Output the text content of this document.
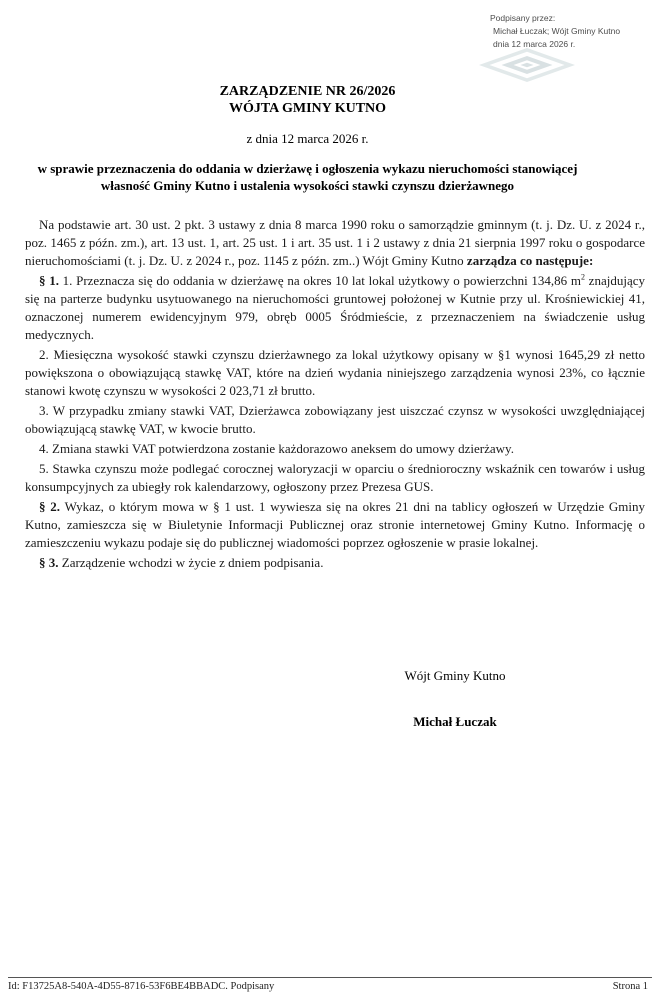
Podpisany przez:
Michał Łuczak; Wójt Gminy Kutno
dnia 12 marca 2026 r.
ZARZĄDZENIE NR 26/2026
WÓJTA GMINY KUTNO
z dnia 12 marca 2026 r.
w sprawie przeznaczenia do oddania w dzierżawę i ogłoszenia wykazu nieruchomości stanowiącej
własność Gminy Kutno i ustalenia wysokości stawki czynszu dzierżawnego

Na podstawie art. 30 ust. 2 pkt. 3 ustawy z dnia 8 marca 1990 roku o samorządzie gminnym (t. j. Dz. U. z 2024 r., poz. 1465 z późn. zm.), art. 13 ust. 1, art. 25 ust. 1 i art. 35 ust. 1 i 2 ustawy z dnia 21 sierpnia 1997 roku o gospodarce nieruchomościami (t. j. Dz. U. z 2024 r., poz. 1145 z późn. zm..) Wójt Gminy Kutno zarządza co następuje:

§ 1. 1. Przeznacza się do oddania w dzierżawę na okres 10 lat lokal użytkowy o powierzchni 134,86 $m^2$ znajdujący się na parterze budynku usytuowanego na nieruchomości gruntowej położonej w Kutnie przy ul. Krośniewickiej 41, oznaczonej numerem ewidencyjnym 979, obręb 0005 Śródmieście, z przeznaczeniem na świadczenie usług medycznych.

2. Miesięczna wysokość stawki czynszu dzierżawnego za lokal użytkowy opisany w §1 wynosi 1645,29 zł netto powiększona o obowiązującą stawkę VAT, które na dzień wydania niniejszego zarządzenia wynosi 23%, co łącznie stanowi kwotę czynszu w wysokości 2 023,71 zł brutto.

3. W przypadku zmiany stawki VAT, Dzierżawca zobowiązany jest uiszczać czynsz w wysokości uwzględniającej obowiązującą stawkę VAT, w kwocie brutto.

4. Zmiana stawki VAT potwierdzona zostanie każdorazowo aneksem do umowy dzierżawy.

5. Stawka czynszu może podlegać corocznej waloryzacji w oparciu o średnioroczny wskaźnik cen towarów i usług konsumpcyjnych za ubiegły rok kalendarzowy, ogłoszony przez Prezesa GUS.

§ 2. Wykaz, o którym mowa w § 1 ust. 1 wywiesza się na okres 21 dni na tablicy ogłoszeń w Urzędzie Gminy Kutno, zamieszcza się w Biuletynie Informacji Publicznej oraz stronie internetowej Gminy Kutno. Informację o zamieszczeniu wykazu podaje się do publicznej wiadomości poprzez ogłoszenie w prasie lokalnej.

§ 3. Zarządzenie wchodzi w życie z dniem podpisania.

Wójt Gminy Kutno
Michał Łuczak
Id: F13725A8-540A-4D55-8716-53F6BE4BBADC. Podpisany	Strona 1
